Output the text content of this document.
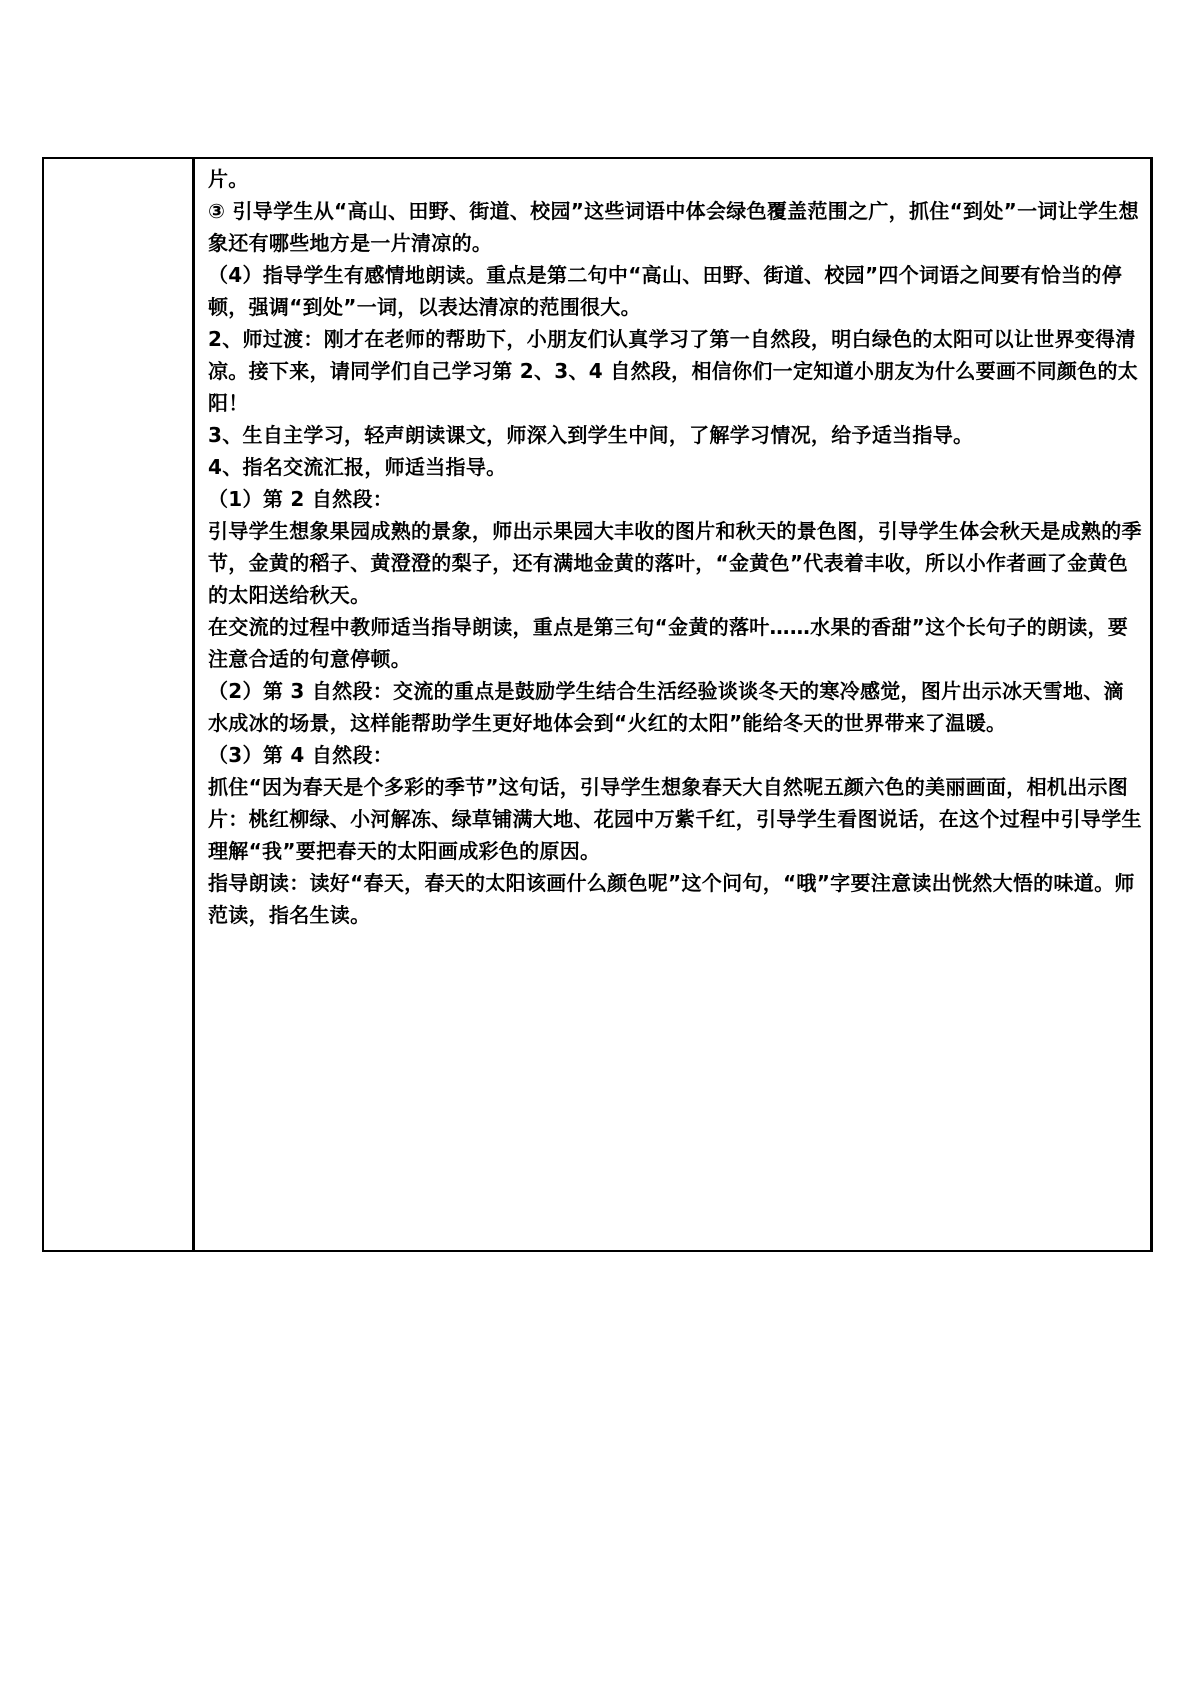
片。

③ 引导学生从“高山、田野、街道、校园”这些词语中体会绿色覆盖范围之广，抓住“到处”一词让学生想象还有哪些地方是一片清凉的。

（4）指导学生有感情地朗读。重点是第二句中“高山、田野、街道、校园”四个词语之间要有恰当的停顿，强调“到处”一词，以表达清凉的范围很大。

2、师过渡：刚才在老师的帮助下，小朋友们认真学习了第一自然段，明白绿色的太阳可以让世界变得清凉。接下来，请同学们自己学习第 2、3、4 自然段，相信你们一定知道小朋友为什么要画不同颜色的太阳！

3、生自主学习，轻声朗读课文，师深入到学生中间，了解学习情况，给予适当指导。

4、指名交流汇报，师适当指导。

（1）第 2 自然段：

引导学生想象果园成熟的景象，师出示果园大丰收的图片和秋天的景色图，引导学生体会秋天是成熟的季节，金黄的稻子、黄澄澄的梨子，还有满地金黄的落叶，“金黄色”代表着丰收，所以小作者画了金黄色的太阳送给秋天。

在交流的过程中教师适当指导朗读，重点是第三句“金黄的落叶……水果的香甜”这个长句子的朗读，要注意合适的句意停顿。

（2）第 3 自然段：交流的重点是鼓励学生结合生活经验谈谈冬天的寒冷感觉，图片出示冰天雪地、滴水成冰的场景，这样能帮助学生更好地体会到“火红的太阳”能给冬天的世界带来了温暖。

（3）第 4 自然段：

抓住“因为春天是个多彩的季节”这句话，引导学生想象春天大自然呢五颜六色的美丽画面，相机出示图片：桃红柳绿、小河解冻、绿草铺满大地、花园中万紫千红，引导学生看图说话，在这个过程中引导学生理解“我”要把春天的太阳画成彩色的原因。

指导朗读：读好“春天，春天的太阳该画什么颜色呢”这个问句，“哦”字要注意读出恍然大悟的味道。师范读，指名生读。
